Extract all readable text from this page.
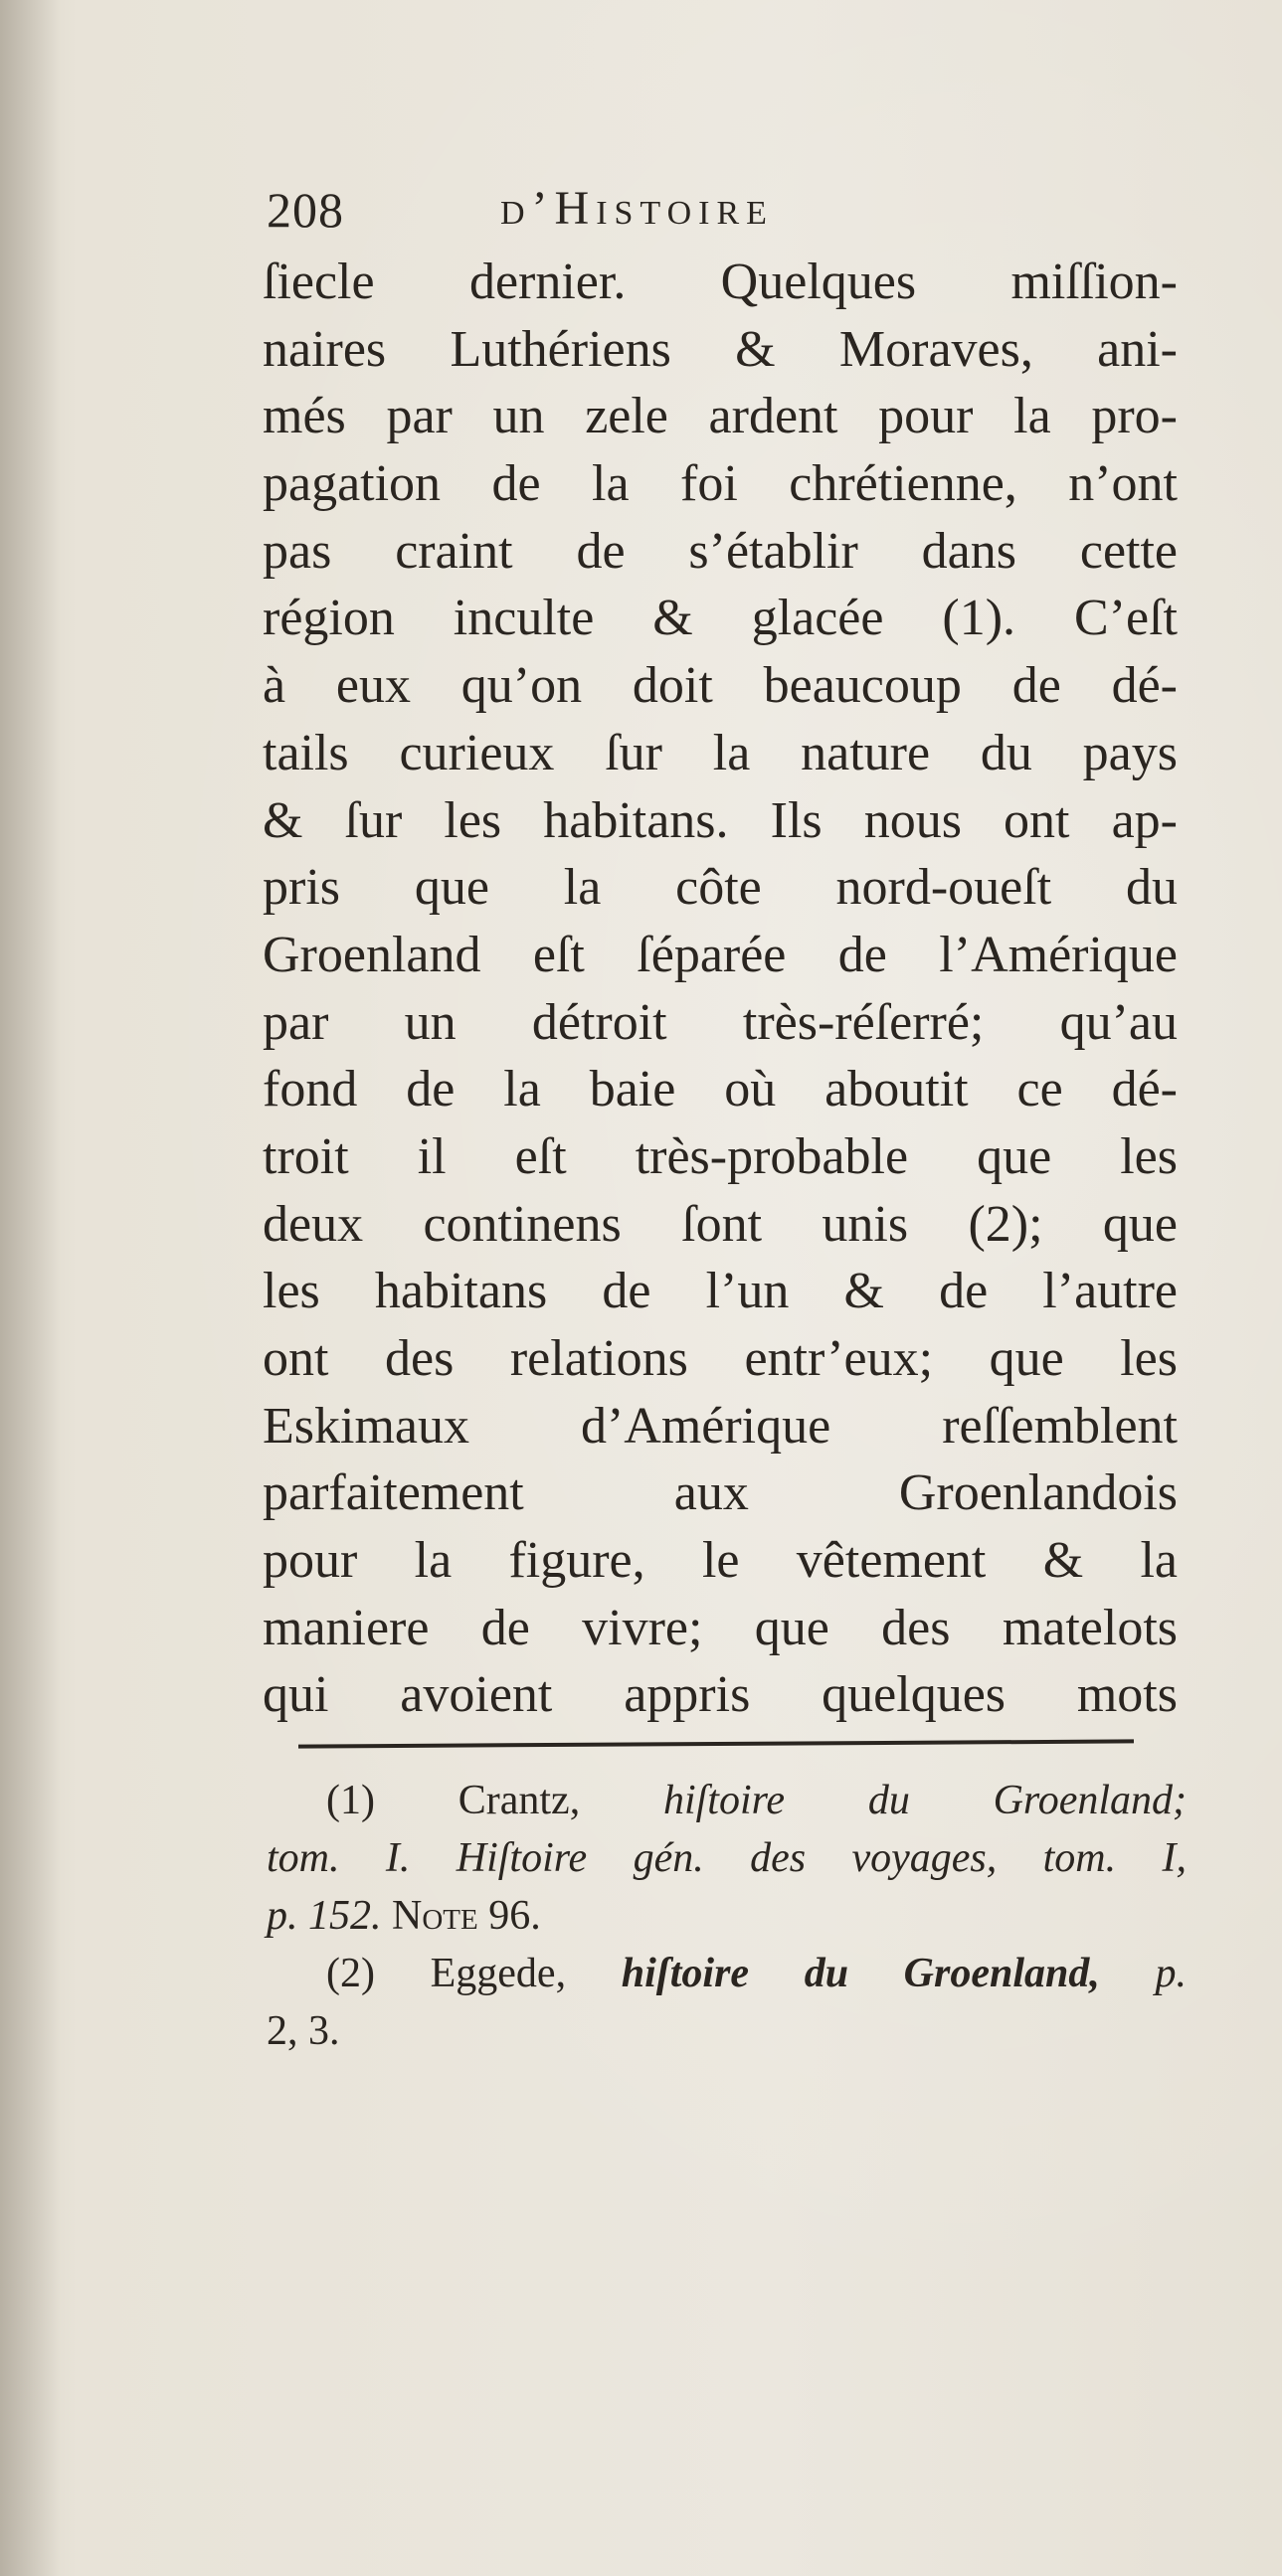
208	d’Histoire
ſiecle dernier. Quelques miſſion-
naires Luthériens & Moraves, ani-
més par un zele ardent pour la pro-
pagation de la foi chrétienne, n’ont
pas craint de s’établir dans cette
région inculte & glacée (1). C’eſt
à eux qu’on doit beaucoup de dé-
tails curieux ſur la nature du pays
& ſur les habitans. Ils nous ont ap-
pris que la côte nord-oueſt du
Groenland eſt ſéparée de l’Amérique
par un détroit très-réſerré; qu’au
fond de la baie où aboutit ce dé-
troit il eſt très-probable que les
deux continens ſont unis (2); que
les habitans de l’un & de l’autre
ont des relations entr’eux; que les
Eskimaux d’Amérique reſſemblent
parfaitement aux Groenlandois
pour la figure, le vêtement & la
maniere de vivre; que des matelots
qui avoient appris quelques mots
(1) Crantz, hiſtoire du Groenland;
tom. I. Hiſtoire gén. des voyages, tom. I,
p. 152. Note 96.
(2) Eggede, hiſtoire du Groenland, p.
2, 3.
